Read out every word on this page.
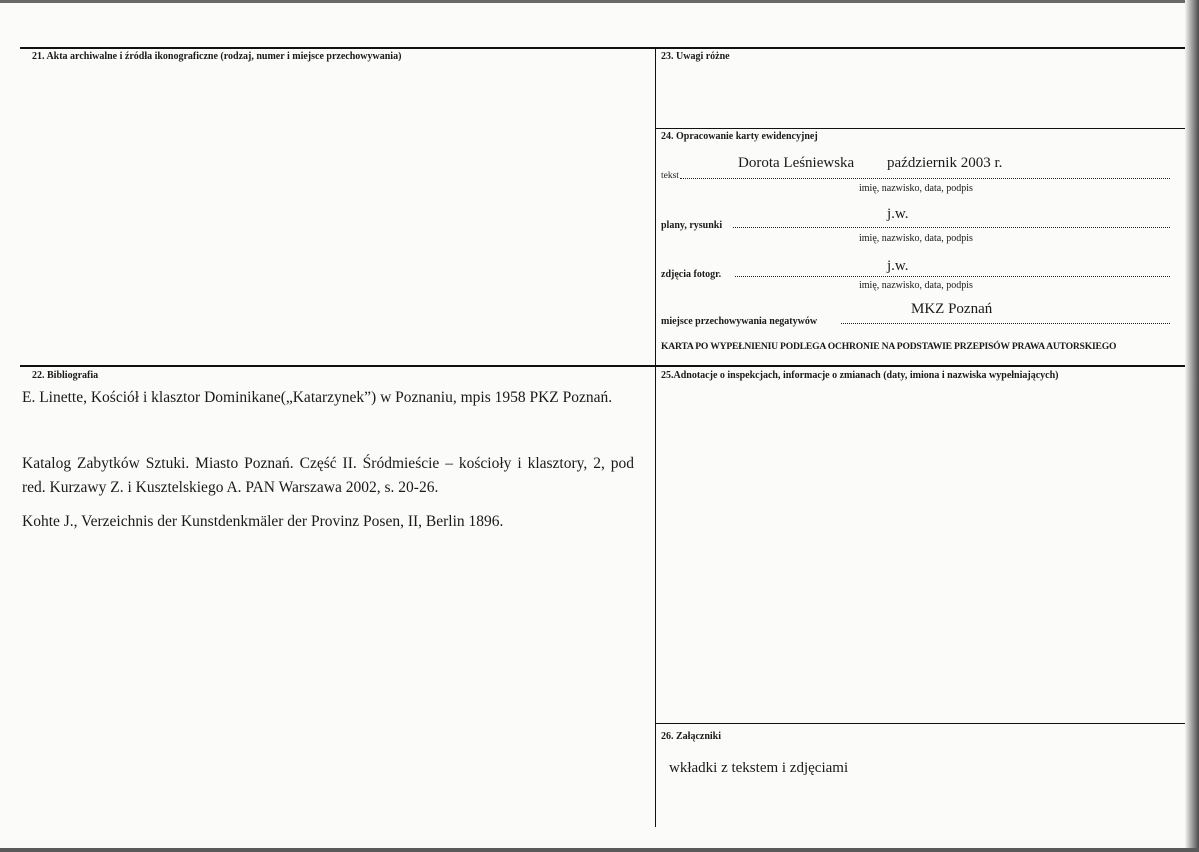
21. Akta archiwalne i źródła ikonograficzne (rodzaj, numer i miejsce przechowywania)	23. Uwagi różne
24. Opracowanie karty ewidencyjnej
Dorota Leśniewska październik 2003 r.
tekst
imię, nazwisko, data, podpis
j.w.
plany, rysunki
imię, nazwisko, data, podpis
j.w.
zdjęcia fotogr.
imię, nazwisko, data, podpis
MKZ Poznań
miejsce przechowywania negatywów
KARTA PO WYPEŁNIENIU PODLEGA OCHRONIE NA PODSTAWIE PRZEPISÓW PRAWA AUTORSKIEGO
22. Bibliografia
E. Linette, Kościół i klasztor Dominikane(„Katarzynek”) w Poznaniu, mpis 1958 PKZ Poznań.
Katalog Zabytków Sztuki. Miasto Poznań. Część II. Śródmieście – kościoły i klasztory, 2, pod red. Kurzawy Z. i Kusztelskiego A. PAN Warszawa 2002, s. 20-26.
Kohte J., Verzeichnis der Kunstdenkmäler der Provinz Posen, II, Berlin 1896.
25.Adnotacje o inspekcjach, informacje o zmianach (daty, imiona i nazwiska wypełniających)
26. Załączniki
wkładki z tekstem i zdjęciami
